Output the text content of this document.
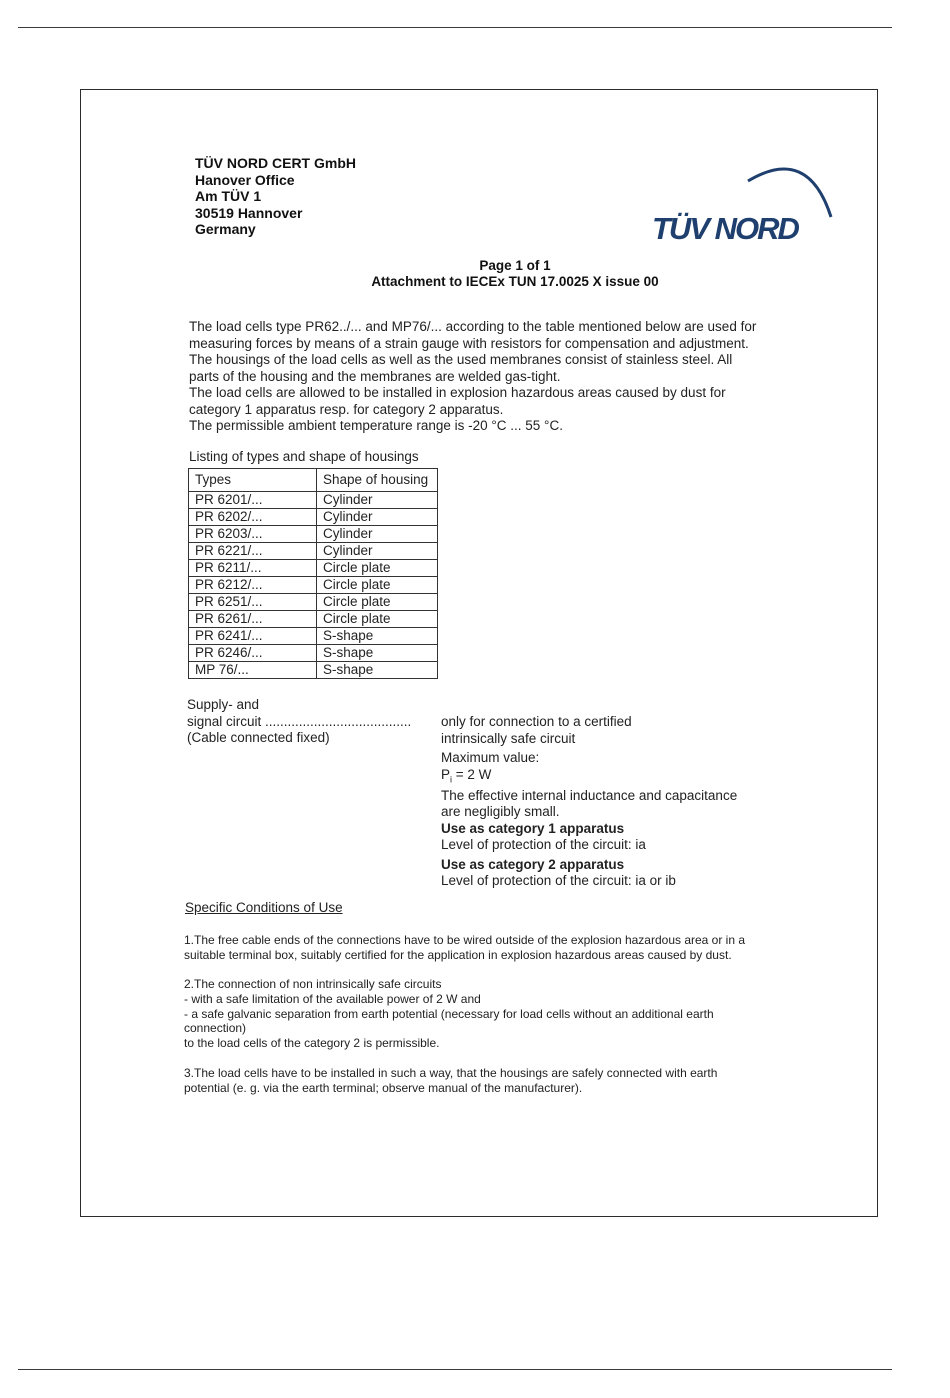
TÜV NORD CERT GmbH
Hanover Office
Am TÜV 1
30519 Hannover
Germany	TÜV NORD
Page 1 of 1
Attachment to IECEx TUN 17.0025 X issue 00
The load cells type PR62../... and MP76/... according to the table mentioned below are used for
measuring forces by means of a strain gauge with resistors for compensation and adjustment.
The housings of the load cells as well as the used membranes consist of stainless steel. All
parts of the housing and the membranes are welded gas-tight.
The load cells are allowed to be installed in explosion hazardous areas caused by dust for
category 1 apparatus resp. for category 2 apparatus.
The permissible ambient temperature range is -20 °C ... 55 °C.
Listing of types and shape of housings
Types	Shape of housing
PR 6201/...	Cylinder
PR 6202/...	Cylinder
PR 6203/...	Cylinder
PR 6221/...	Cylinder
PR 6211/...	Circle plate
PR 6212/...	Circle plate
PR 6251/...	Circle plate
PR 6261/...	Circle plate
PR 6241/...	S-shape
PR 6246/...	S-shape
MP 76/...	S-shape
Supply- and
signal circuit .......................................
(Cable connected fixed)
only for connection to a certified
intrinsically safe circuit
Maximum value:
$P_i = 2$ W
The effective internal inductance and capacitance
are negligibly small.
Use as category 1 apparatus
Level of protection of the circuit: ia
Use as category 2 apparatus
Level of protection of the circuit: ia or ib
Specific Conditions of Use
1.The free cable ends of the connections have to be wired outside of the explosion hazardous area or in a
suitable terminal box, suitably certified for the application in explosion hazardous areas caused by dust.
2.The connection of non intrinsically safe circuits
- with a safe limitation of the available power of 2 W and
- a safe galvanic separation from earth potential (necessary for load cells without an additional earth
connection)
to the load cells of the category 2 is permissible.
3.The load cells have to be installed in such a way, that the housings are safely connected with earth
potential (e. g. via the earth terminal; observe manual of the manufacturer).
